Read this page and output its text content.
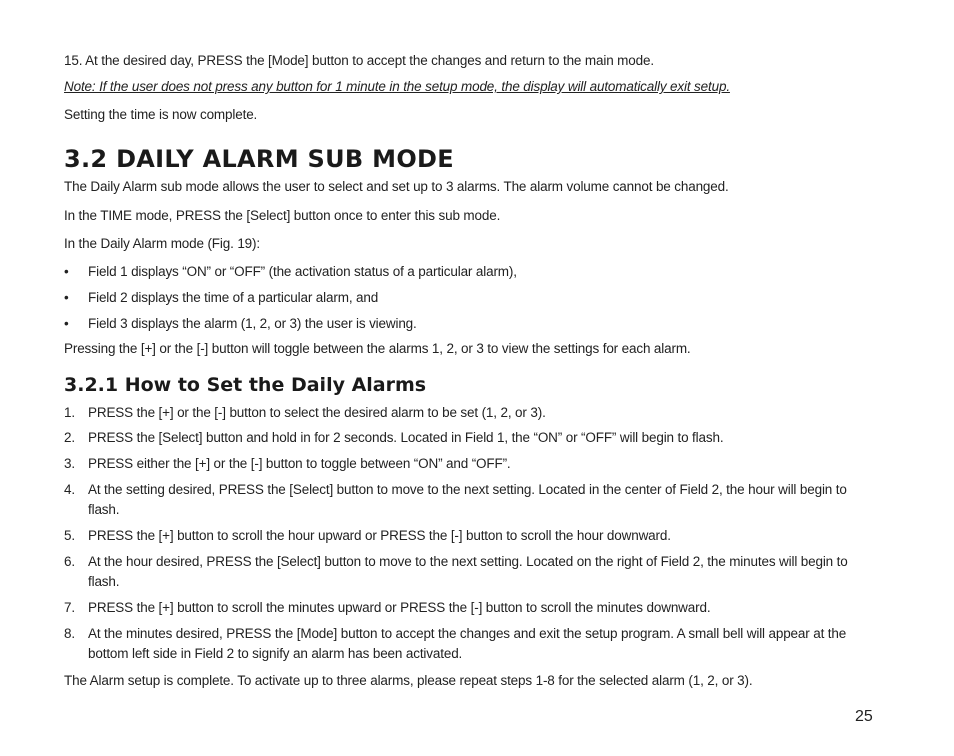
15. At the desired day, PRESS the [Mode] button to accept the changes and return to the main mode.
Note: If the user does not press any button for 1 minute in the setup mode, the display will automatically exit setup.
Setting the time is now complete.
3.2 DAILY ALARM SUB MODE
The Daily Alarm sub mode allows the user to select and set up to 3 alarms. The alarm volume cannot be changed.
In the TIME mode, PRESS the [Select] button once to enter this sub mode.
In the Daily Alarm mode (Fig. 19):
• Field 1 displays “ON” or “OFF” (the activation status of a particular alarm),
• Field 2 displays the time of a particular alarm, and
• Field 3 displays the alarm (1, 2, or 3) the user is viewing.
Pressing the [+] or the [-] button will toggle between the alarms 1, 2, or 3 to view the settings for each alarm.
3.2.1 How to Set the Daily Alarms
1. PRESS the [+] or the [-] button to select the desired alarm to be set (1, 2, or 3).
2. PRESS the [Select] button and hold in for 2 seconds. Located in Field 1, the “ON” or “OFF” will begin to flash.
3. PRESS either the [+] or the [-] button to toggle between “ON” and “OFF”.
4. At the setting desired, PRESS the [Select] button to move to the next setting. Located in the center of Field 2, the hour will begin to flash.
5. PRESS the [+] button to scroll the hour upward or PRESS the [-] button to scroll the hour downward.
6. At the hour desired, PRESS the [Select] button to move to the next setting. Located on the right of Field 2, the minutes will begin to flash.
7. PRESS the [+] button to scroll the minutes upward or PRESS the [-] button to scroll the minutes downward.
8. At the minutes desired, PRESS the [Mode] button to accept the changes and exit the setup program. A small bell will appear at the bottom left side in Field 2 to signify an alarm has been activated.
The Alarm setup is complete. To activate up to three alarms, please repeat steps 1-8 for the selected alarm (1, 2, or 3).
25
